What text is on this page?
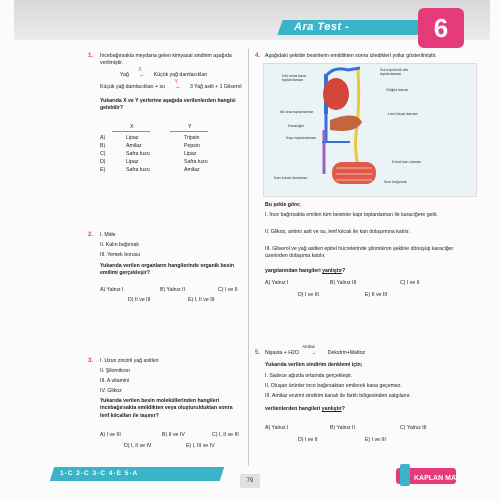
Ara Test -	6
1. İncebağırsakta meydana gelen kimyasal sindirim aşağıda verilmiştir.
Yağ
X
→ Küçük yağ damlacıkları
Küçük yağ damlacıkları + su
Y
→ 3 Yağ asiti + 1 Gliserol
Yukarıda X ve Y yerlerine aşağıda verilenlerden hangisi gelebilir?
X	Y
A)	Lipaz	Tripsin
B)	Amilaz	Pepsin
C)	Safra tuzu	Lipaz
D)	Lipaz	Safra tuzu
E)	Safra tuzu	Amilaz
2. I. Mide
II. Kalın bağırsak
III. Yemek borusu
Yukarıda verilen organların hangilerinde organik besin emilimi gerçekleşir?
A) Yalnız I	B) Yalnız II	C) I ve II
D) II ve III	E) I, II ve III
3. I. Uzun zincirli yağ asitleri
II. Şilomikron
III. A vitamini
IV. Glikoz
Yukarıda verilen besin moleküllerinden hangileri incebağırsakta emildikten veya oluşturulduktan sonra lenf kılcalları ile taşınır?
A) I ve III	B) II ve IV	C) I, II ve III
D) I, II ve IV	E) I, III ve IV
4. Aşağıdaki şekilde besinlerin emildikten sonra izledikleri yollar gösterilmiştir.
Üst vena kava toplardamarı
Sol köprücük altı toplardamarı
Göğüs kanalı
Alt ana toplardamar
Karaciğer
Kapı toplardamarı
Lenf kılcal damarı
Kılcal kan damarı
Kan kılcal damarları
İnce bağırsak
Bu şekle göre;
I. İnce bağırsakta emilen tüm besinler kapı toplardamarı ile karaciğere gelir.
II. Glikoz, amino asit ve su, lenf kılcalı ile kan dolaşımına katılır.
III. Gliserol ve yağ asitleri epitel hücrelerinde şilomikron şekline dönüşüp karaciğer üzerinden dolaşıma katılır.
yargılarından hangileri yanlıştır?
A) Yalnız I	B) Yalnız III	C) I ve II
D) I ve III	E) II ve III
5. Nişasta + H2O
Amilaz
→ Dekstrin+Maltoz
Yukarıda verilen sindirim denklemi için;
I. Sadece ağızda ortamda gerçekleşir.
II. Oluşan ürünler ince bağırsaktan emilerek kana geçemez.
III. Amilaz enzimi sindirim kanalı ile farklı bölgesinden salgılanır.
verilenlerden hangileri yanlıştır?
A) Yalnız I	B) Yalnız II	C) Yalnız III
D) I ve II	E) I ve III
1-C 2-C 3-C 4-E 5-A
79	KAPLAN MAT
